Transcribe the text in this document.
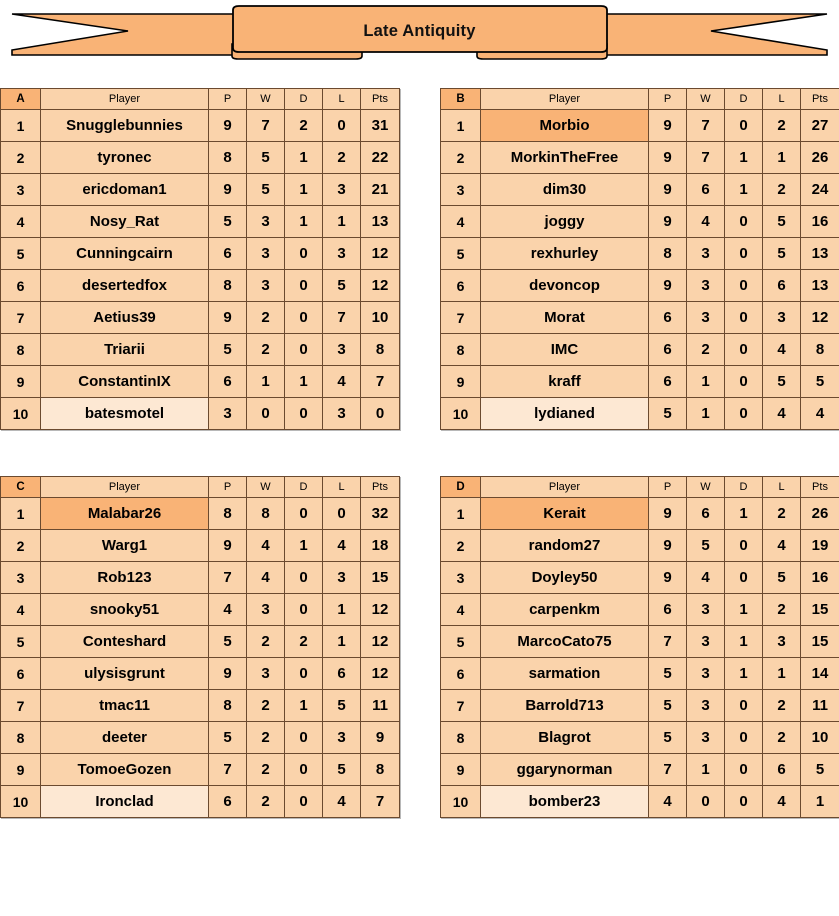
Late Antiquity
A	Player	P	W	D	L	Pts
1	Snugglebunnies	9	7	2	0	31
2	tyronec	8	5	1	2	22
3	ericdoman1	9	5	1	3	21
4	Nosy_Rat	5	3	1	1	13
5	Cunningcairn	6	3	0	3	12
6	desertedfox	8	3	0	5	12
7	Aetius39	9	2	0	7	10
8	Triarii	5	2	0	3	8
9	ConstantinIX	6	1	1	4	7
10	batesmotel	3	0	0	3	0
B	Player	P	W	D	L	Pts
1	Morbio	9	7	0	2	27
2	MorkinTheFree	9	7	1	1	26
3	dim30	9	6	1	2	24
4	joggy	9	4	0	5	16
5	rexhurley	8	3	0	5	13
6	devoncop	9	3	0	6	13
7	Morat	6	3	0	3	12
8	IMC	6	2	0	4	8
9	kraff	6	1	0	5	5
10	lydianed	5	1	0	4	4
C	Player	P	W	D	L	Pts
1	Malabar26	8	8	0	0	32
2	Warg1	9	4	1	4	18
3	Rob123	7	4	0	3	15
4	snooky51	4	3	0	1	12
5	Conteshard	5	2	2	1	12
6	ulysisgrunt	9	3	0	6	12
7	tmac11	8	2	1	5	11
8	deeter	5	2	0	3	9
9	TomoeGozen	7	2	0	5	8
10	Ironclad	6	2	0	4	7
D	Player	P	W	D	L	Pts
1	Kerait	9	6	1	2	26
2	random27	9	5	0	4	19
3	Doyley50	9	4	0	5	16
4	carpenkm	6	3	1	2	15
5	MarcoCato75	7	3	1	3	15
6	sarmation	5	3	1	1	14
7	Barrold713	5	3	0	2	11
8	Blagrot	5	3	0	2	10
9	ggarynorman	7	1	0	6	5
10	bomber23	4	0	0	4	1
